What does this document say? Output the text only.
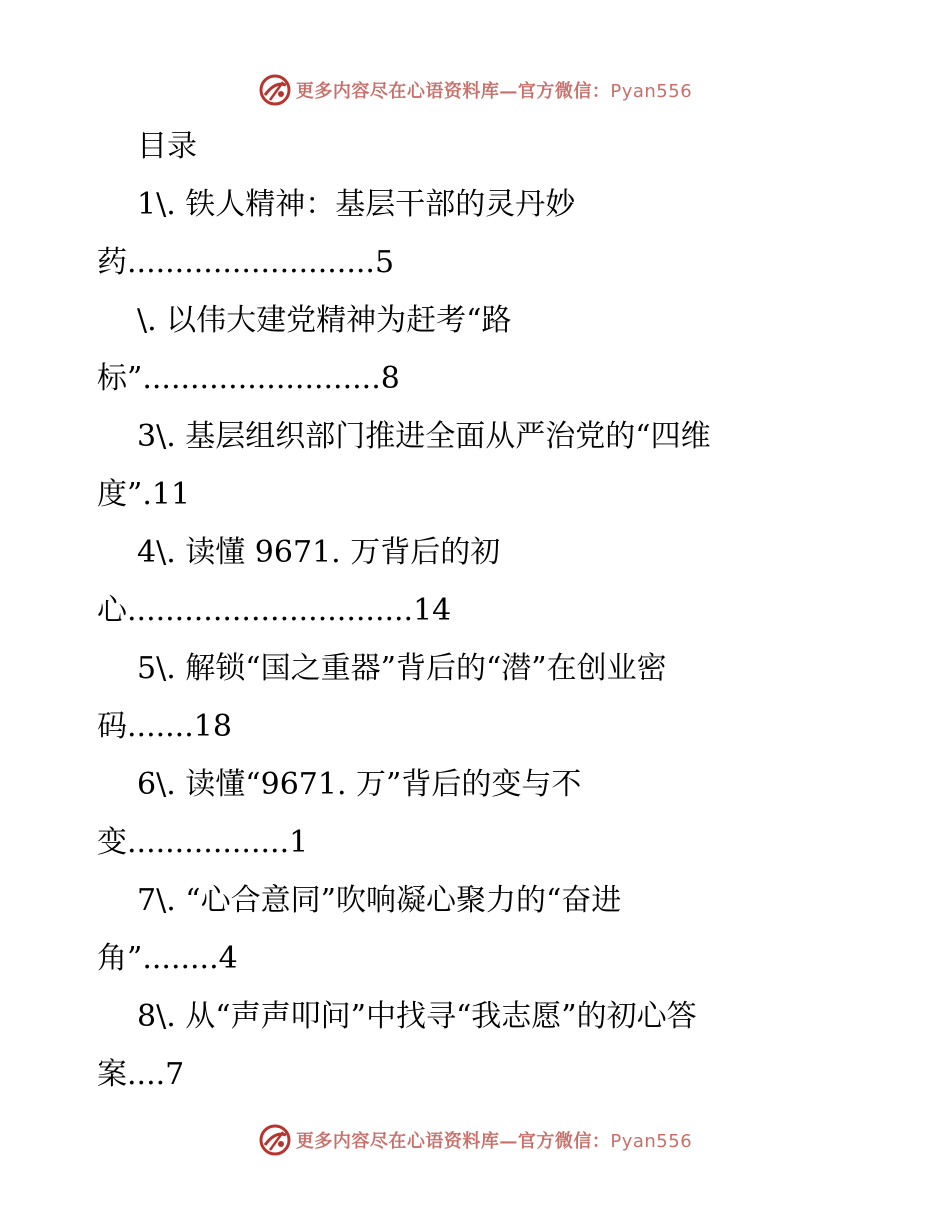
更多内容尽在心语资料库—官方微信：Pyan556
目录
1\. 铁人精神：基层干部的灵丹妙
药..........................5
\. 以伟大建党精神为赶考“路
标”.........................8
3\. 基层组织部门推进全面从严治党的“四维
度”.11
4\. 读懂 9671. 万背后的初
心..............................14
5\. 解锁“国之重器”背后的“潜”在创业密
码.......18
6\. 读懂“9671. 万”背后的变与不
变.................1
7\. “心合意同”吹响凝心聚力的“奋进
角”........4
8\. 从“声声叩问”中找寻“我志愿”的初心答
案....7
更多内容尽在心语资料库—官方微信：Pyan556
